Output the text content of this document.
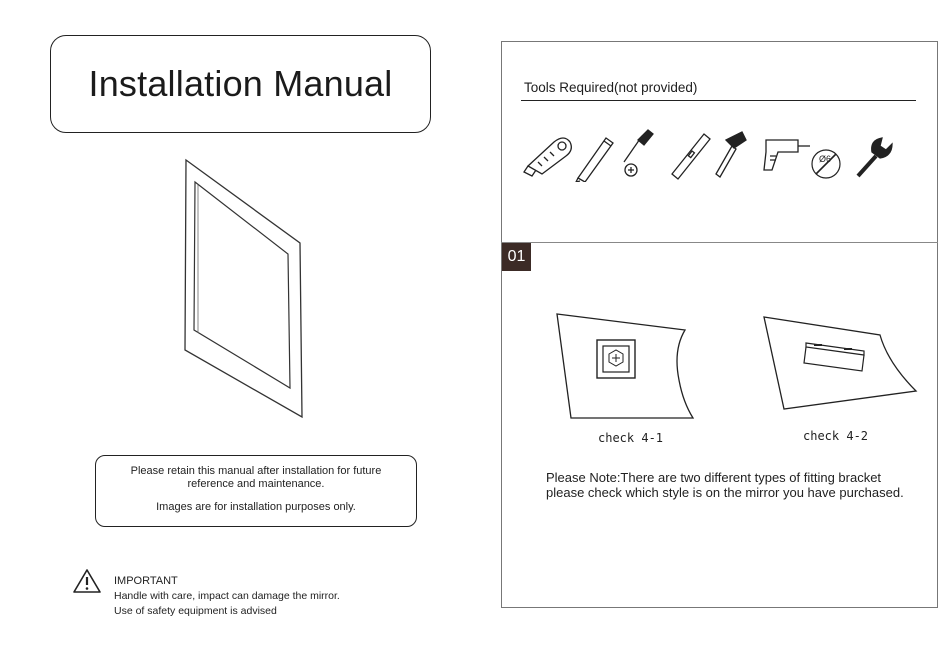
Installation Manual
Please retain this manual after installation for future reference and maintenance.
Images are for installation purposes only.
IMPORTANT
Handle with care, impact can damage the mirror.
Use of safety equipment is advised
Tools Required(not provided)
Ø6
01
check 4-1	check 4-2
Please Note:There are two different types of fitting bracket
please check which style is on the mirror you have purchased.
